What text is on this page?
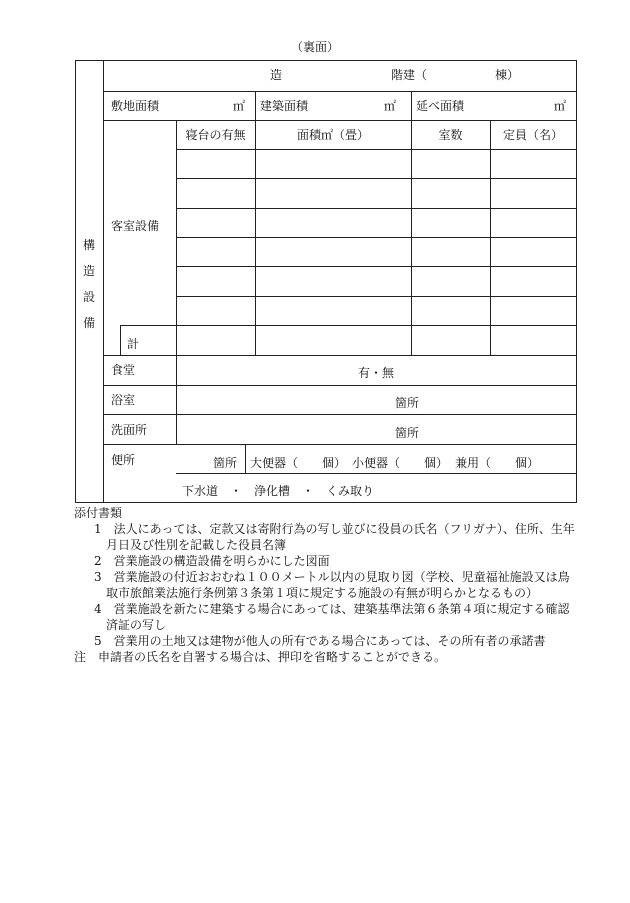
（裏面）
構
造
設
備
造	階建（	棟）
敷地面積	㎡ 建築面積	㎡ 延べ面積	㎡
客室設備
寝台の有無	面積㎡（畳）	室数	定員（名）
計
食堂	有・無
浴室	箇所
洗面所	箇所
便所	箇所 大便器（　　個） 小便器（　　個） 兼用（　　個）
下水道　・　浄化槽　・　くみ取り
添付書類
1　法人にあっては、定款又は寄附行為の写し並びに役員の氏名（フリガナ）、住所、生年月日及び性別を記載した役員名簿
2　営業施設の構造設備を明らかにした図面
3　営業施設の付近おおむね１００メートル以内の見取り図（学校、児童福祉施設又は鳥取市旅館業法施行条例第３条第１項に規定する施設の有無が明らかとなるもの）
4　営業施設を新たに建築する場合にあっては、建築基準法第６条第４項に規定する確認済証の写し
5　営業用の土地又は建物が他人の所有である場合にあっては、その所有者の承諾書
注　申請者の氏名を自署する場合は、押印を省略することができる。
